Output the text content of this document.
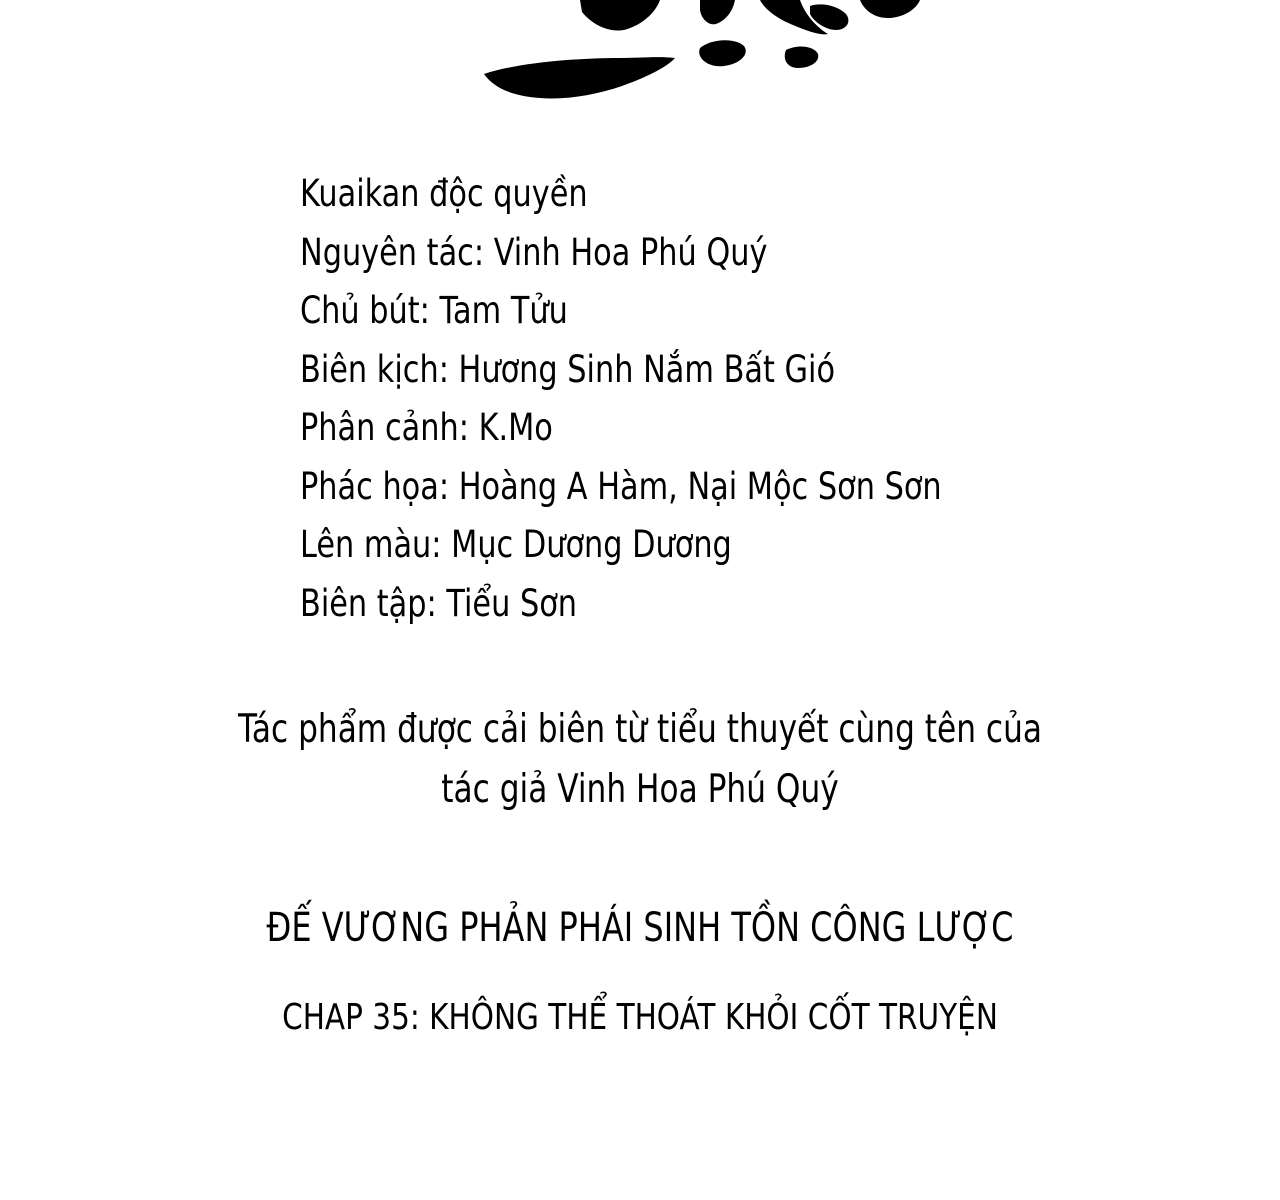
Kuaikan độc quyền
Nguyên tác: Vinh Hoa Phú Quý
Chủ bút: Tam Tửu
Biên kịch: Hương Sinh Nắm Bất Gió
Phân cảnh: K.Mo
Phác họa: Hoàng A Hàm, Nại Mộc Sơn Sơn
Lên màu: Mục Dương Dương
Biên tập: Tiểu Sơn
Tác phẩm được cải biên từ tiểu thuyết cùng tên của
tác giả Vinh Hoa Phú Quý
ĐẾ VƯƠNG PHẢN PHÁI SINH TỒN CÔNG LƯỢC
CHAP 35: KHÔNG THỂ THOÁT KHỎI CỐT TRUYỆN
